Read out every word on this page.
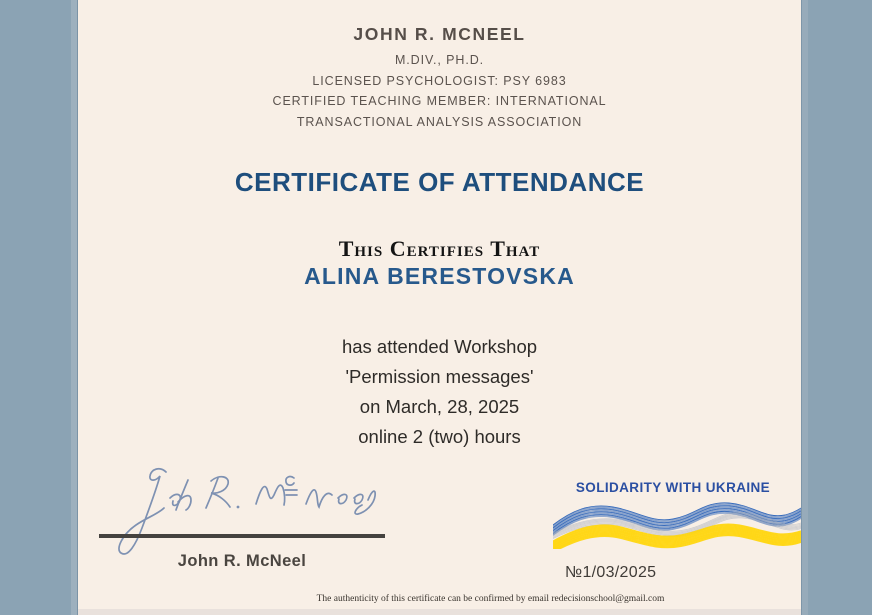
JOHN R. MCNEEL
M.DIV., PH.D.
LICENSED PSYCHOLOGIST: PSY 6983
CERTIFIED TEACHING MEMBER: INTERNATIONAL
TRANSACTIONAL ANALYSIS ASSOCIATION
CERTIFICATE OF ATTENDANCE
This Certifies That
ALINA BERESTOVSKA
has attended Workshop
'Permission messages'
on March, 28, 2025
online 2 (two) hours
John R. McNeel
SOLIDARITY WITH UKRAINE
№1/03/2025
The authenticity of this certificate can be confirmed by email redecisionschool@gmail.com
